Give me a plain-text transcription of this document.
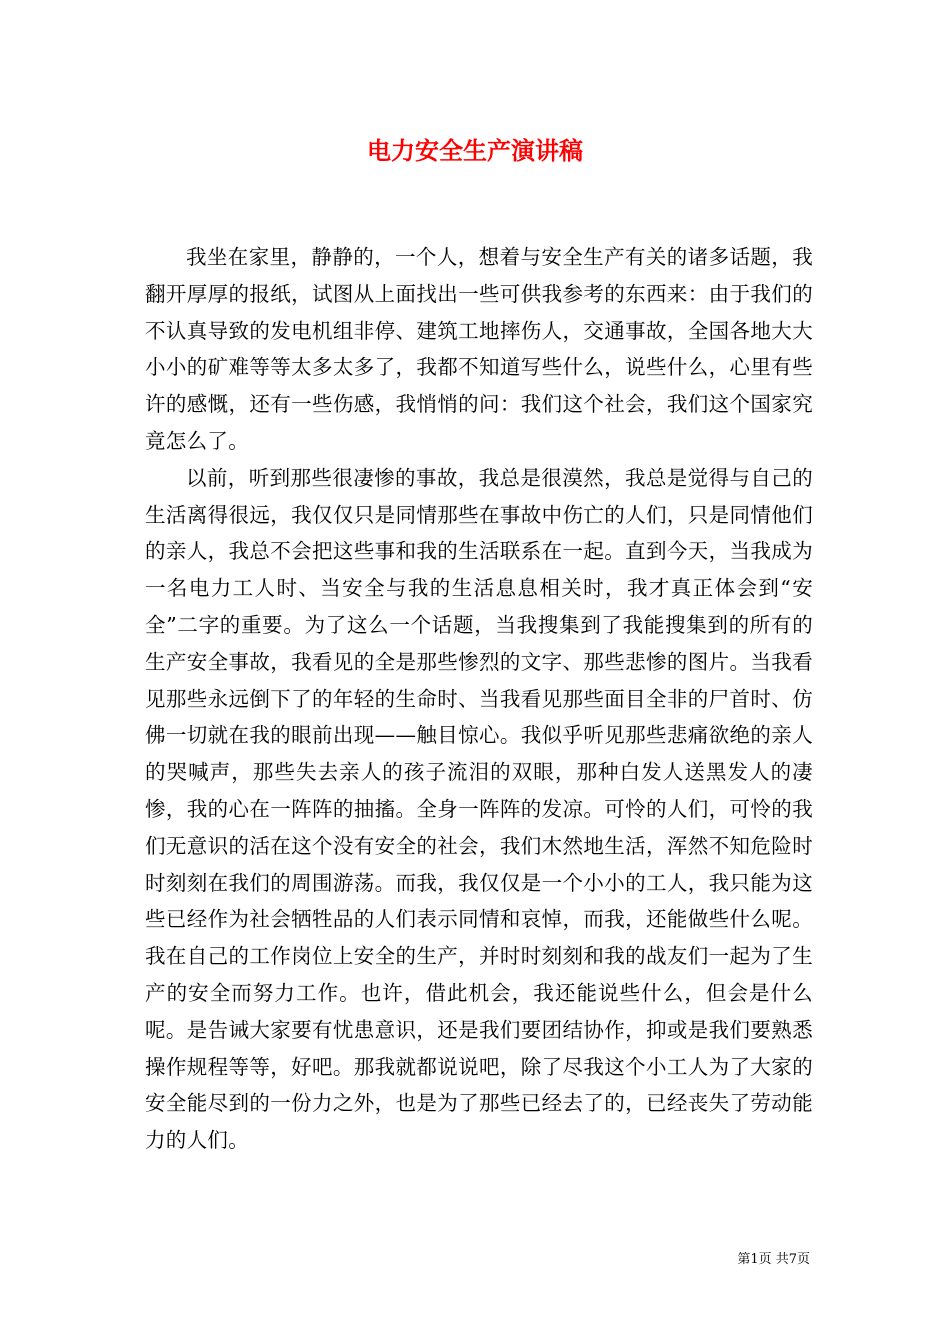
电力安全生产演讲稿

我坐在家里，静静的，一个人，想着与安全生产有关的诸多话题，我翻开厚厚的报纸，试图从上面找出一些可供我参考的东西来：由于我们的不认真导致的发电机组非停、建筑工地摔伤人，交通事故，全国各地大大小小的矿难等等太多太多了，我都不知道写些什么，说些什么，心里有些许的感慨，还有一些伤感，我悄悄的问：我们这个社会，我们这个国家究竟怎么了。

以前，听到那些很凄惨的事故，我总是很漠然，我总是觉得与自己的生活离得很远，我仅仅只是同情那些在事故中伤亡的人们，只是同情他们的亲人，我总不会把这些事和我的生活联系在一起。直到今天，当我成为一名电力工人时、当安全与我的生活息息相关时，我才真正体会到“安全”二字的重要。为了这么一个话题，当我搜集到了我能搜集到的所有的生产安全事故，我看见的全是那些惨烈的文字、那些悲惨的图片。当我看见那些永远倒下了的年轻的生命时、当我看见那些面目全非的尸首时、仿佛一切就在我的眼前出现——触目惊心。我似乎听见那些悲痛欲绝的亲人的哭喊声，那些失去亲人的孩子流泪的双眼，那种白发人送黑发人的凄惨，我的心在一阵阵的抽搐。全身一阵阵的发凉。可怜的人们，可怜的我们无意识的活在这个没有安全的社会，我们木然地生活，浑然不知危险时时刻刻在我们的周围游荡。而我，我仅仅是一个小小的工人，我只能为这些已经作为社会牺牲品的人们表示同情和哀悼，而我，还能做些什么呢。我在自己的工作岗位上安全的生产，并时时刻刻和我的战友们一起为了生产的安全而努力工作。也许，借此机会，我还能说些什么，但会是什么呢。是告诫大家要有忧患意识，还是我们要团结协作，抑或是我们要熟悉操作规程等等，好吧。那我就都说说吧，除了尽我这个小工人为了大家的安全能尽到的一份力之外，也是为了那些已经去了的，已经丧失了劳动能力的人们。

第1页 共7页
